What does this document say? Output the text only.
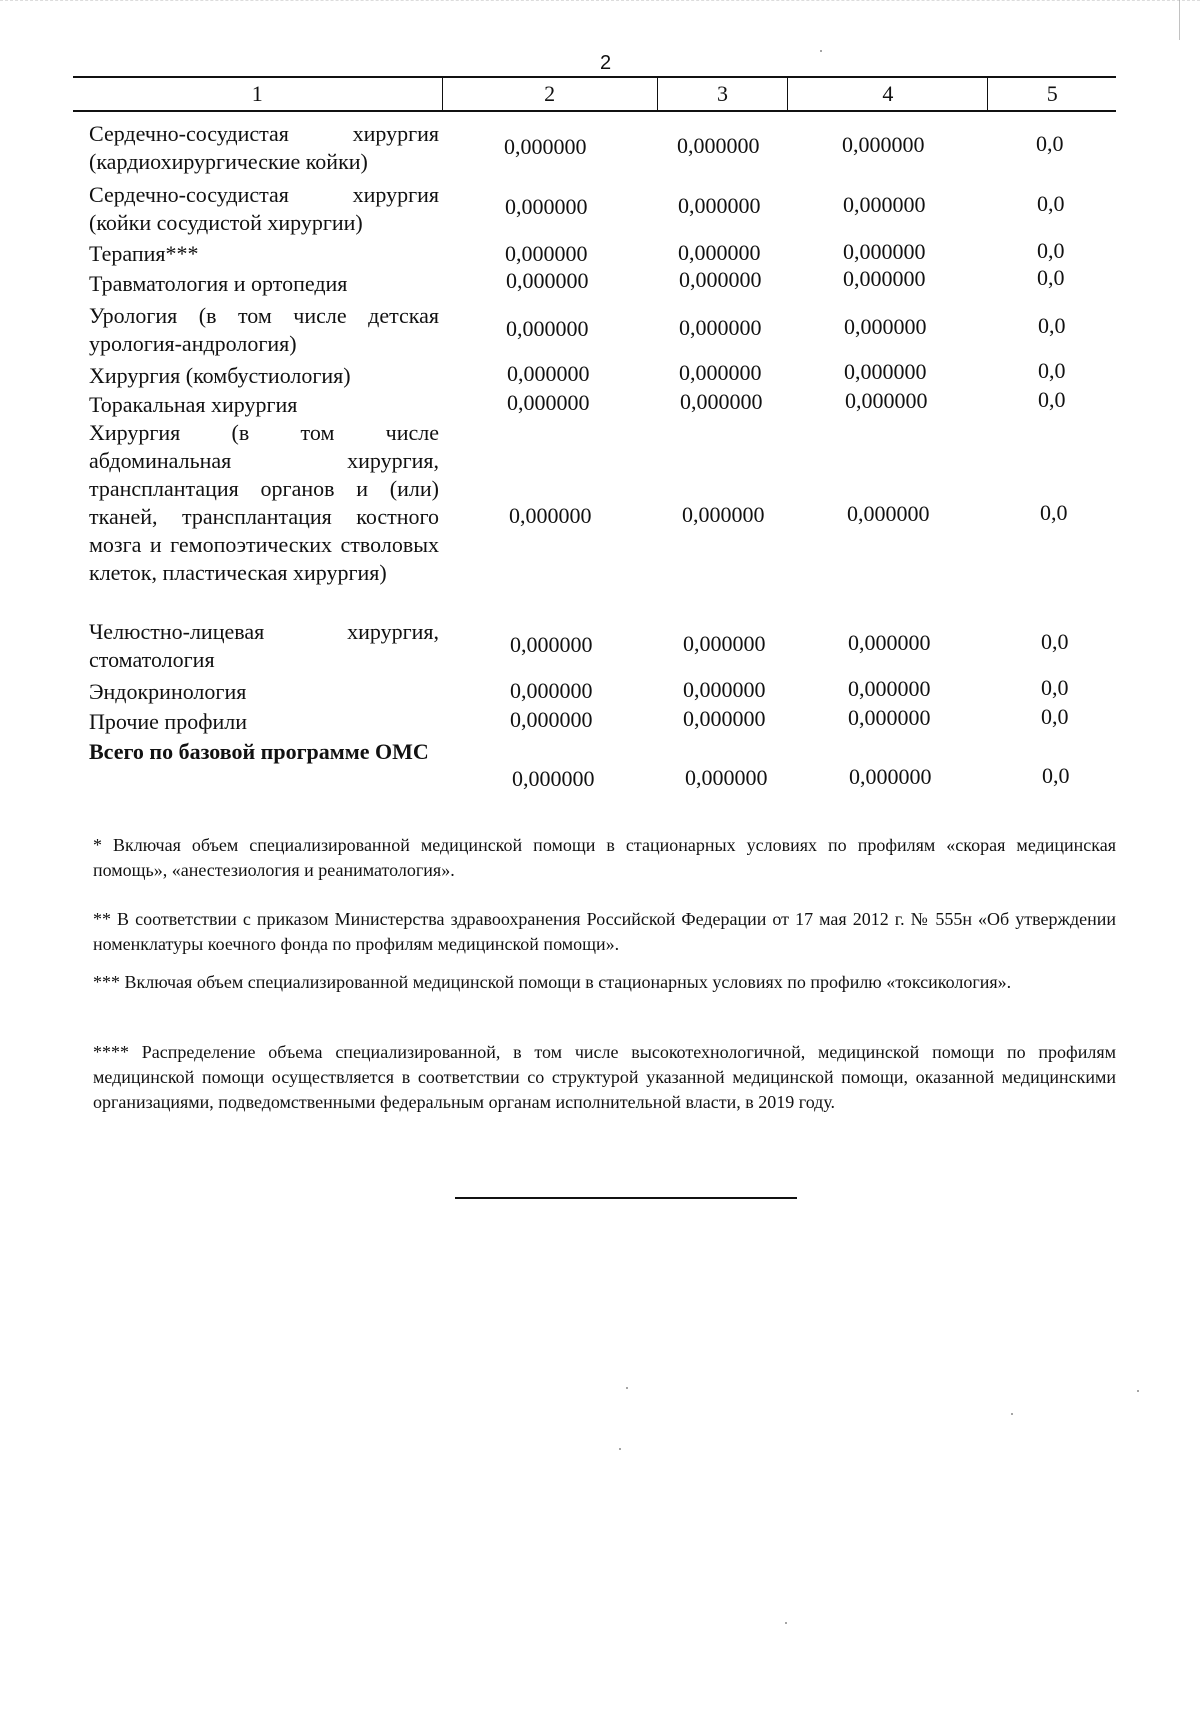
2
1	2	3	4	5
Сердечно-сосудистая хирургия (кардиохирургические койки)
0,000000	0,000000	0,000000	0,0
Сердечно-сосудистая хирургия (койки сосудистой хирургии)
0,000000	0,000000	0,000000	0,0
Терапия***	0,000000	0,000000	0,000000	0,0
Травматология и ортопедия	0,000000	0,000000	0,000000	0,0
Урология (в том числе детская урология-андрология)
0,000000	0,000000	0,000000	0,0
Хирургия (комбустиология)	0,000000	0,000000	0,000000	0,0
Торакальная хирургия	0,000000	0,000000	0,000000	0,0
Хирургия (в том числе абдоминальная хирургия, трансплантация органов и (или) тканей, трансплантация костного мозга и гемопоэтических стволовых клеток, пластическая хирургия)
0,000000	0,000000	0,000000	0,0
Челюстно-лицевая хирургия, стоматология
0,000000	0,000000	0,000000	0,0
Эндокринология	0,000000	0,000000	0,000000	0,0
Прочие профили	0,000000	0,000000	0,000000	0,0
Всего по базовой программе ОМС
0,000000	0,000000	0,000000	0,0
* Включая объем специализированной медицинской помощи в стационарных условиях по профилям «скорая медицинская помощь», «анестезиология и реаниматология».
** В соответствии с приказом Министерства здравоохранения Российской Федерации от 17 мая 2012 г. № 555н «Об утверждении номенклатуры коечного фонда по профилям медицинской помощи».
*** Включая объем специализированной медицинской помощи в стационарных условиях по профилю «токсикология».
**** Распределение объема специализированной, в том числе высокотехнологичной, медицинской помощи по профилям медицинской помощи осуществляется в соответствии со структурой указанной медицинской помощи, оказанной медицинскими организациями, подведомственными федеральным органам исполнительной власти, в 2019 году.
